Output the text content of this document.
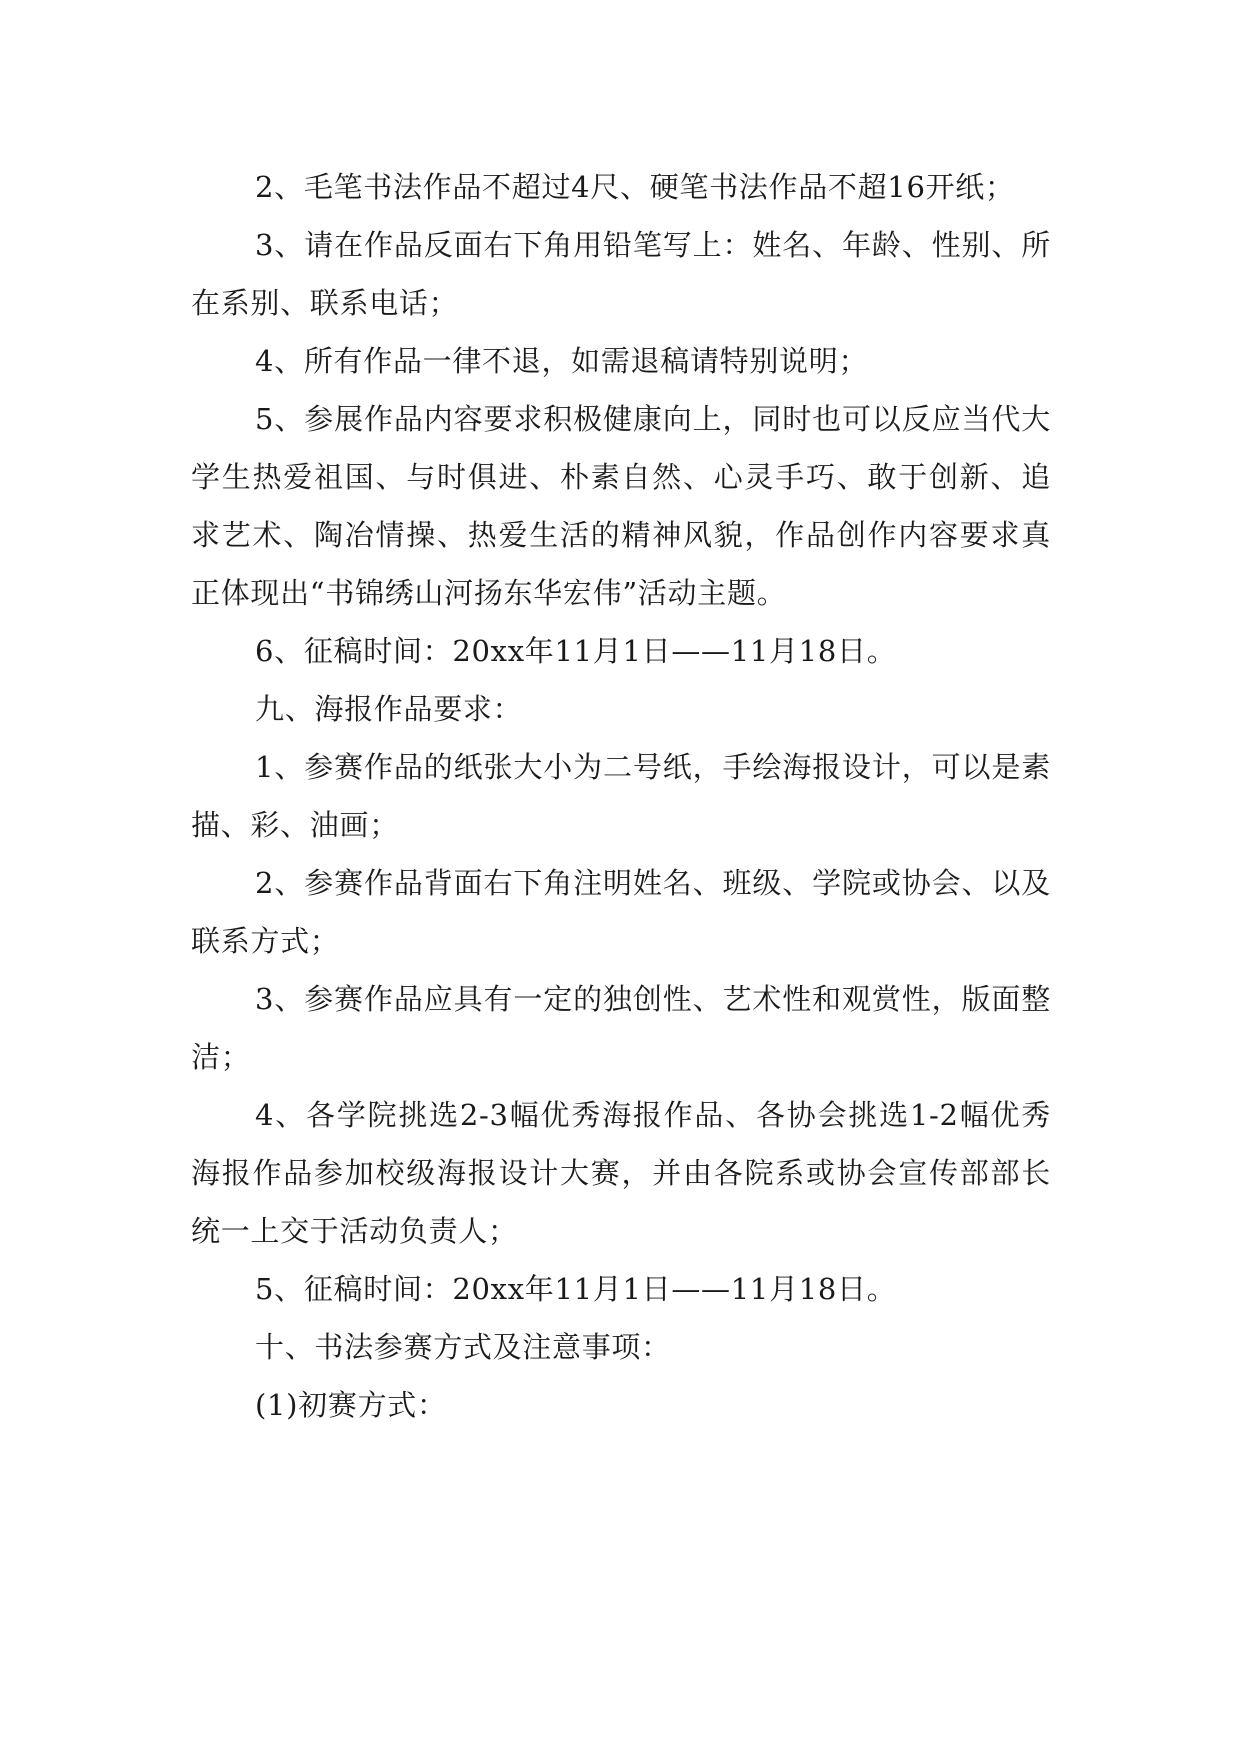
2、毛笔书法作品不超过4尺、硬笔书法作品不超16开纸；

3、请在作品反面右下角用铅笔写上：姓名、年龄、性别、所在系别、联系电话；

4、所有作品一律不退，如需退稿请特别说明；

5、参展作品内容要求积极健康向上，同时也可以反应当代大学生热爱祖国、与时俱进、朴素自然、心灵手巧、敢于创新、追求艺术、陶冶情操、热爱生活的精神风貌，作品创作内容要求真正体现出“书锦绣山河扬东华宏伟”活动主题。

6、征稿时间：20xx年11月1日——11月18日。

九、海报作品要求：

1、参赛作品的纸张大小为二号纸，手绘海报设计，可以是素描、彩、油画；

2、参赛作品背面右下角注明姓名、班级、学院或协会、以及联系方式；

3、参赛作品应具有一定的独创性、艺术性和观赏性，版面整洁；

4、各学院挑选2-3幅优秀海报作品、各协会挑选1-2幅优秀海报作品参加校级海报设计大赛，并由各院系或协会宣传部部长统一上交于活动负责人；

5、征稿时间：20xx年11月1日——11月18日。

十、书法参赛方式及注意事项：

(1)初赛方式：
